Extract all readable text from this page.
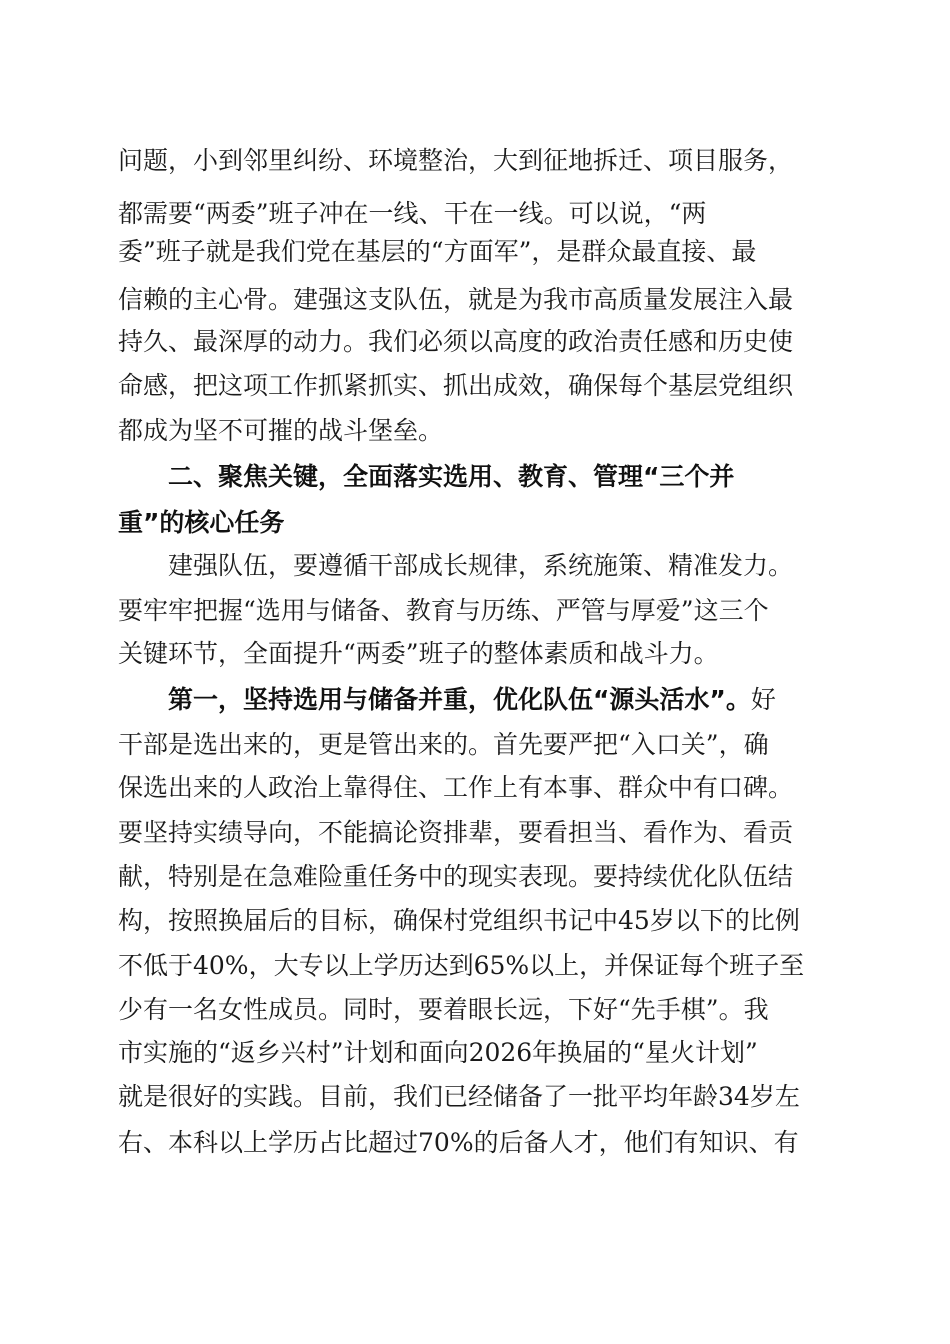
问题，小到邻里纠纷、环境整治，大到征地拆迁、项目服务，
都需要“两委”班子冲在一线、干在一线。可以说，“两
委”班子就是我们党在基层的“方面军”，是群众最直接、最
信赖的主心骨。建强这支队伍，就是为我市高质量发展注入最
持久、最深厚的动力。我们必须以高度的政治责任感和历史使
命感，把这项工作抓紧抓实、抓出成效，确保每个基层党组织
都成为坚不可摧的战斗堡垒。
二、聚焦关键，全面落实选用、教育、管理“三个并
重”的核心任务
建强队伍，要遵循干部成长规律，系统施策、精准发力。
要牢牢把握“选用与储备、教育与历练、严管与厚爱”这三个
关键环节，全面提升“两委”班子的整体素质和战斗力。
第一，坚持选用与储备并重，优化队伍“源头活水”。好
干部是选出来的，更是管出来的。首先要严把“入口关”，确
保选出来的人政治上靠得住、工作上有本事、群众中有口碑。
要坚持实绩导向，不能搞论资排辈，要看担当、看作为、看贡
献，特别是在急难险重任务中的现实表现。要持续优化队伍结
构，按照换届后的目标，确保村党组织书记中45岁以下的比例
不低于40%，大专以上学历达到65%以上，并保证每个班子至
少有一名女性成员。同时，要着眼长远，下好“先手棋”。我
市实施的“返乡兴村”计划和面向2026年换届的“星火计划”
就是很好的实践。目前，我们已经储备了一批平均年龄34岁左
右、本科以上学历占比超过70%的后备人才，他们有知识、有
